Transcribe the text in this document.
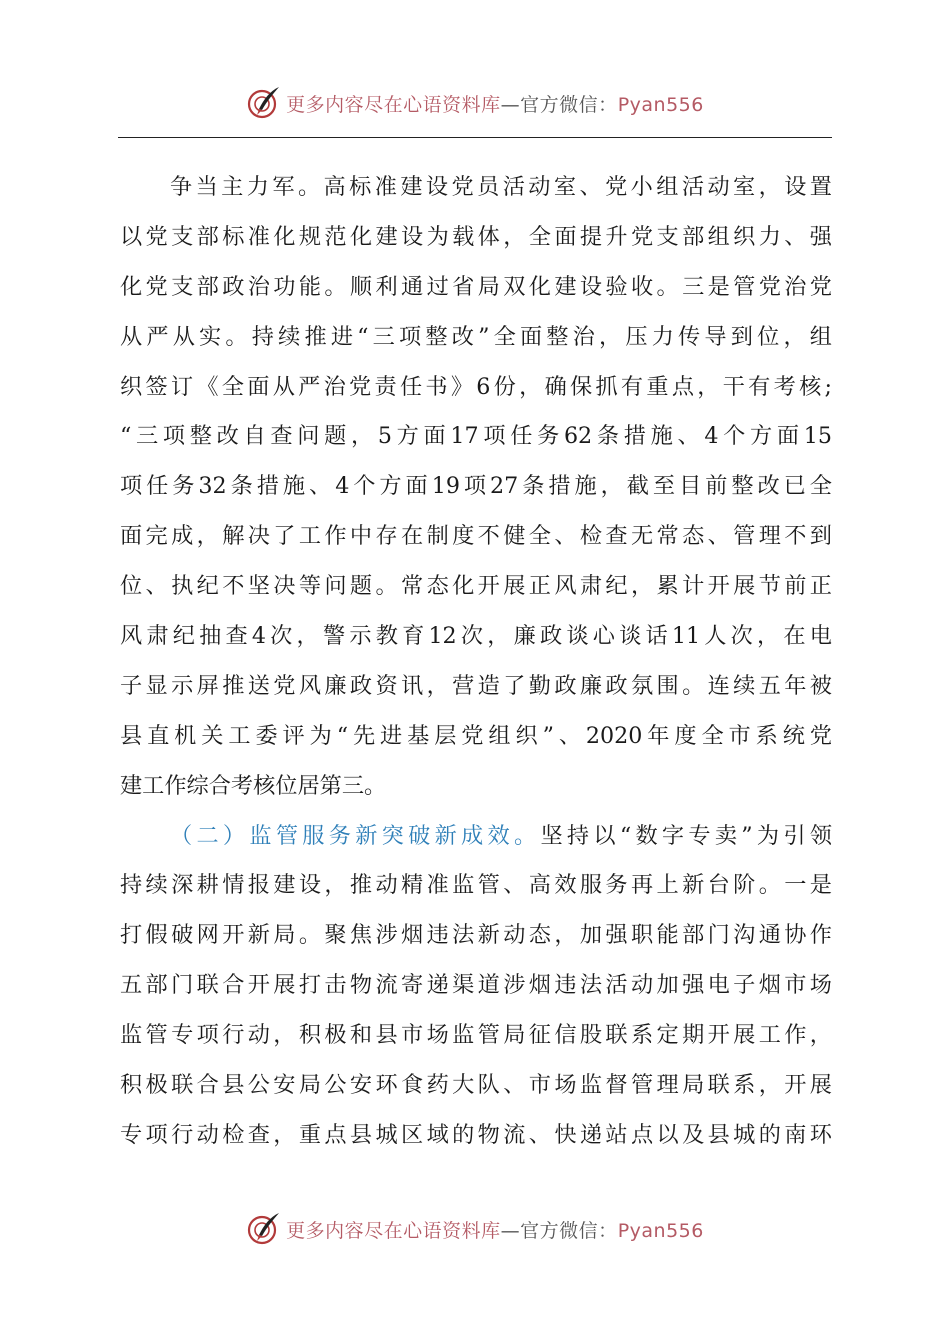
更多内容尽在心语资料库—官方微信：Pyan556
争当主力军。高标准建设党员活动室、党小组活动室，设置
以党支部标准化规范化建设为载体，全面提升党支部组织力、强
化党支部政治功能。顺利通过省局双化建设验收。三是管党治党
从严从实。持续推进“三项整改”全面整治，压力传导到位，组
织签订《全面从严治党责任书》6份，确保抓有重点，干有考核;
“三项整改自查问题，5方面17项任务62条措施、4个方面15
项任务32条措施、4个方面19项27条措施，截至目前整改已全
面完成，解决了工作中存在制度不健全、检查无常态、管理不到
位、执纪不坚决等问题。常态化开展正风肃纪，累计开展节前正
风肃纪抽查4次，警示教育12次，廉政谈心谈话11人次，在电
子显示屏推送党风廉政资讯，营造了勤政廉政氛围。连续五年被
县直机关工委评为“先进基层党组织”、2020年度全市系统党
建工作综合考核位居第三。
（二）监管服务新突破新成效。坚持以“数字专卖”为引领
持续深耕情报建设，推动精准监管、高效服务再上新台阶。一是
打假破网开新局。聚焦涉烟违法新动态，加强职能部门沟通协作
五部门联合开展打击物流寄递渠道涉烟违法活动加强电子烟市场
监管专项行动，积极和县市场监管局征信股联系定期开展工作，
积极联合县公安局公安环食药大队、市场监督管理局联系，开展
专项行动检查，重点县城区域的物流、快递站点以及县城的南环
更多内容尽在心语资料库—官方微信：Pyan556
